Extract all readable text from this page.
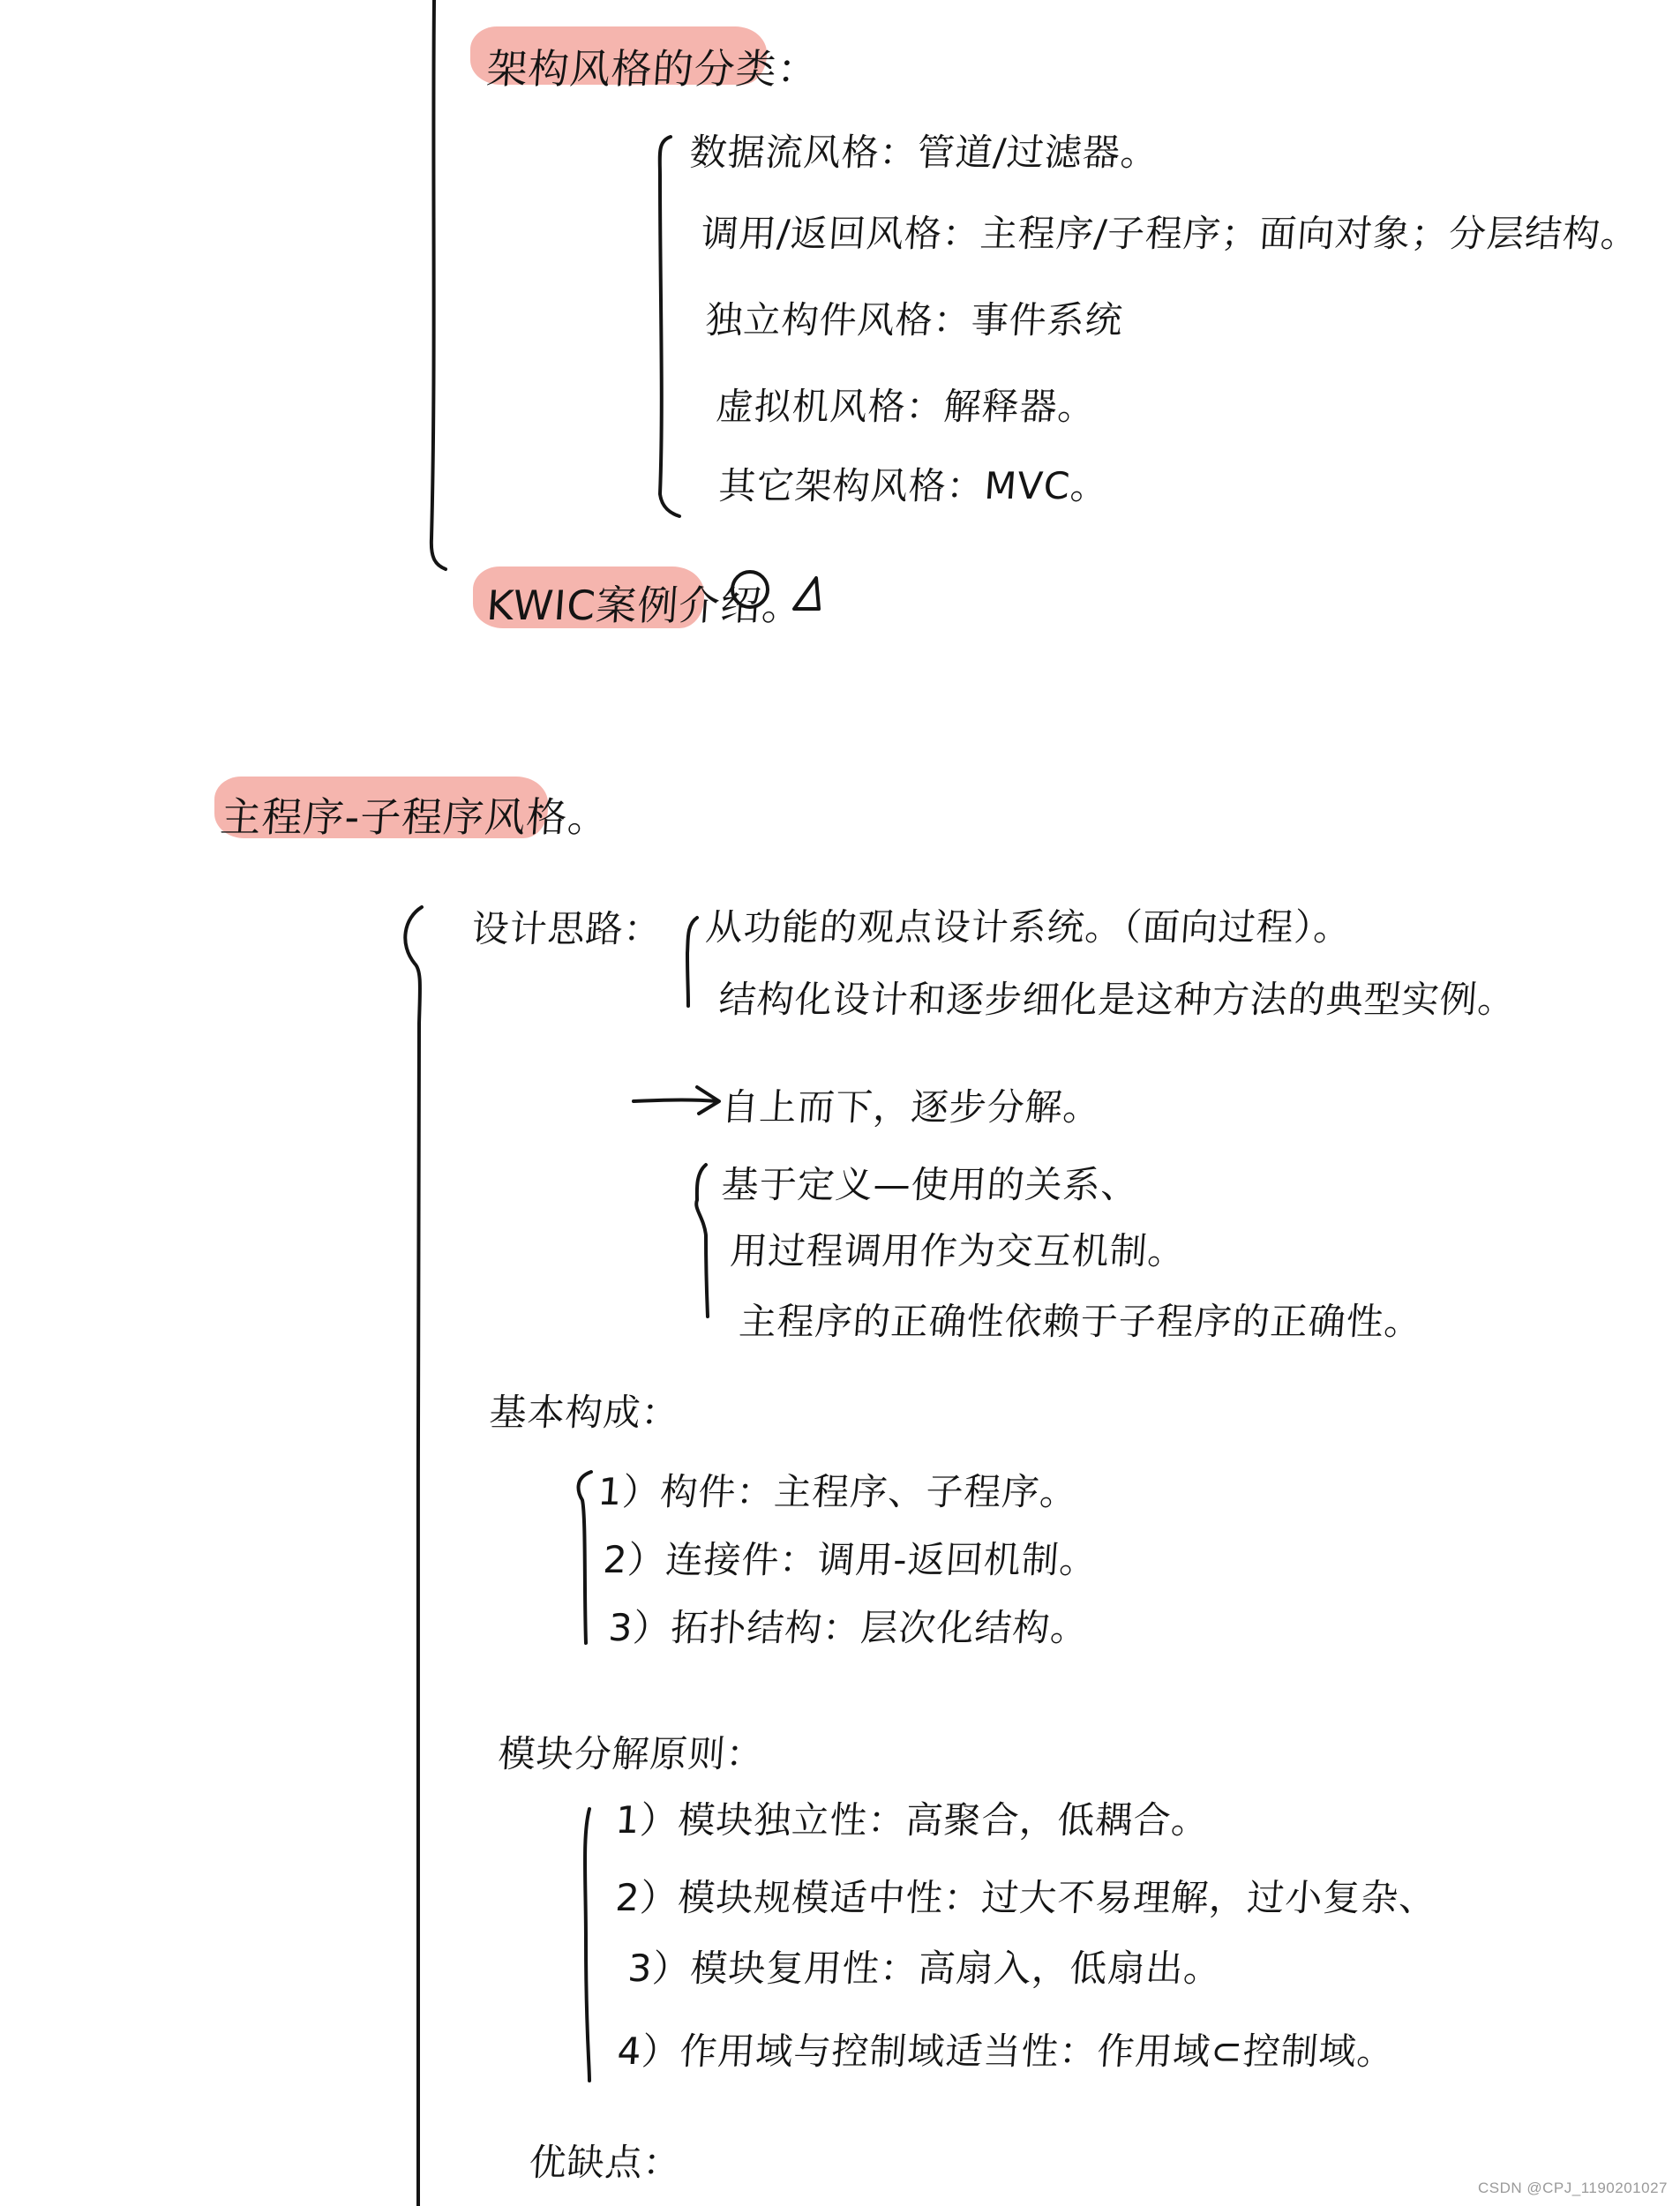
架构风格的分类：
数据流风格：管道/过滤器。
调用/返回风格：主程序/子程序；面向对象；分层结构。
独立构件风格：事件系统
虚拟机风格：解释器。
其它架构风格：MVC。
KWIC案例介绍。
主程序-子程序风格。
设计思路： 从功能的观点设计系统。（面向过程）。
结构化设计和逐步细化是这种方法的典型实例。
自上而下，逐步分解。
基于定义—使用的关系、
用过程调用作为交互机制。
主程序的正确性依赖于子程序的正确性。
基本构成：
1）构件：主程序、子程序。
2）连接件：调用-返回机制。
3）拓扑结构：层次化结构。
模块分解原则：
1）模块独立性：高聚合，低耦合。
2）模块规模适中性：过大不易理解，过小复杂、
3）模块复用性：高扇入，低扇出。
4）作用域与控制域适当性：作用域⊂控制域。
优缺点：
CSDN @CPJ_1190201027
